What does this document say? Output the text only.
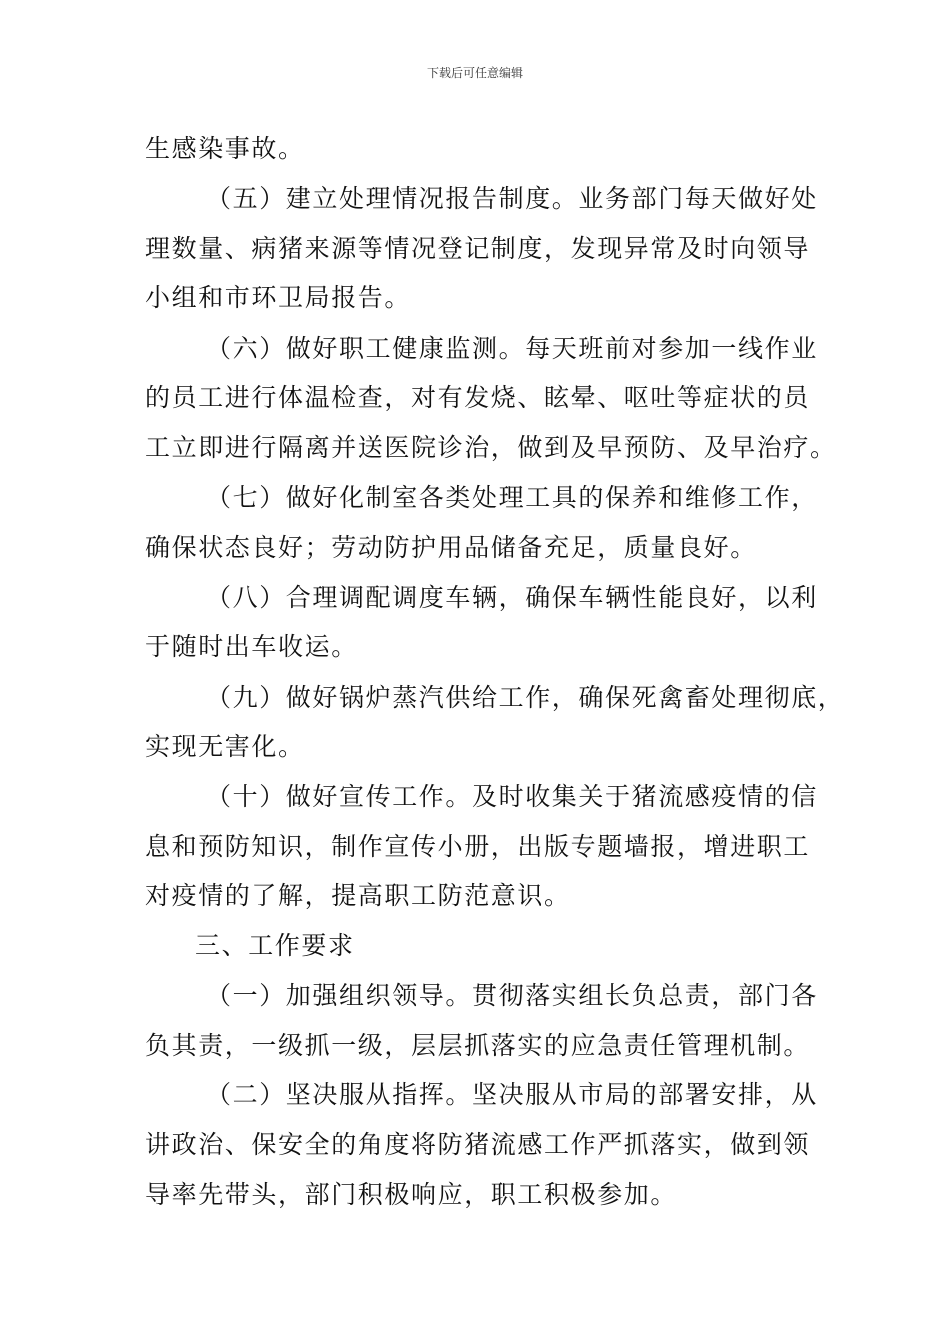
下载后可任意编辑
生感染事故。
（五）建立处理情况报告制度。业务部门每天做好处
理数量、病猪来源等情况登记制度，发现异常及时向领导
小组和市环卫局报告。
（六）做好职工健康监测。每天班前对参加一线作业
的员工进行体温检查，对有发烧、眩晕、呕吐等症状的员
工立即进行隔离并送医院诊治，做到及早预防、及早治疗。
（七）做好化制室各类处理工具的保养和维修工作，
确保状态良好；劳动防护用品储备充足，质量良好。
（八）合理调配调度车辆，确保车辆性能良好，以利
于随时出车收运。
（九）做好锅炉蒸汽供给工作，确保死禽畜处理彻底，
实现无害化。
（十）做好宣传工作。及时收集关于猪流感疫情的信
息和预防知识，制作宣传小册，出版专题墙报，增进职工
对疫情的了解，提高职工防范意识。
三、工作要求
（一）加强组织领导。贯彻落实组长负总责，部门各
负其责，一级抓一级，层层抓落实的应急责任管理机制。
（二）坚决服从指挥。坚决服从市局的部署安排，从
讲政治、保安全的角度将防猪流感工作严抓落实，做到领
导率先带头，部门积极响应，职工积极参加。
